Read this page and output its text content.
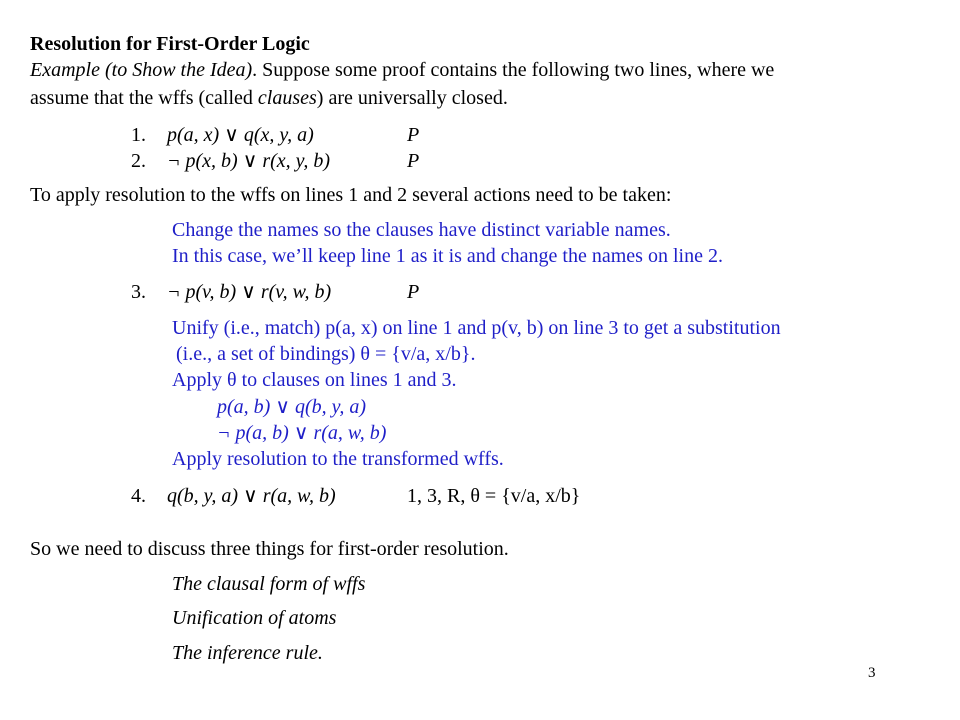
Resolution for First-Order Logic
Example (to Show the Idea). Suppose some proof contains the following two lines, where we
assume that the wffs (called clauses) are universally closed.
1. p(a, x) ∨ q(x, y, a)	P
2. ¬ p(x, b) ∨ r(x, y, b)	P
To apply resolution to the wffs on lines 1 and 2 several actions need to be taken:
Change the names so the clauses have distinct variable names.
In this case, we’ll keep line 1 as it is and change the names on line 2.
3. ¬ p(v, b) ∨ r(v, w, b)	P
Unify (i.e., match) p(a, x) on line 1 and p(v, b) on line 3 to get a substitution
(i.e., a set of bindings) θ = {v/a, x/b}.
Apply θ to clauses on lines 1 and 3.
p(a, b) ∨ q(b, y, a)
¬ p(a, b) ∨ r(a, w, b)
Apply resolution to the transformed wffs.
4. q(b, y, a) ∨ r(a, w, b)	1, 3, R, θ = {v/a, x/b}
So we need to discuss three things for first-order resolution.
The clausal form of wffs
Unification of atoms
The inference rule.
3
